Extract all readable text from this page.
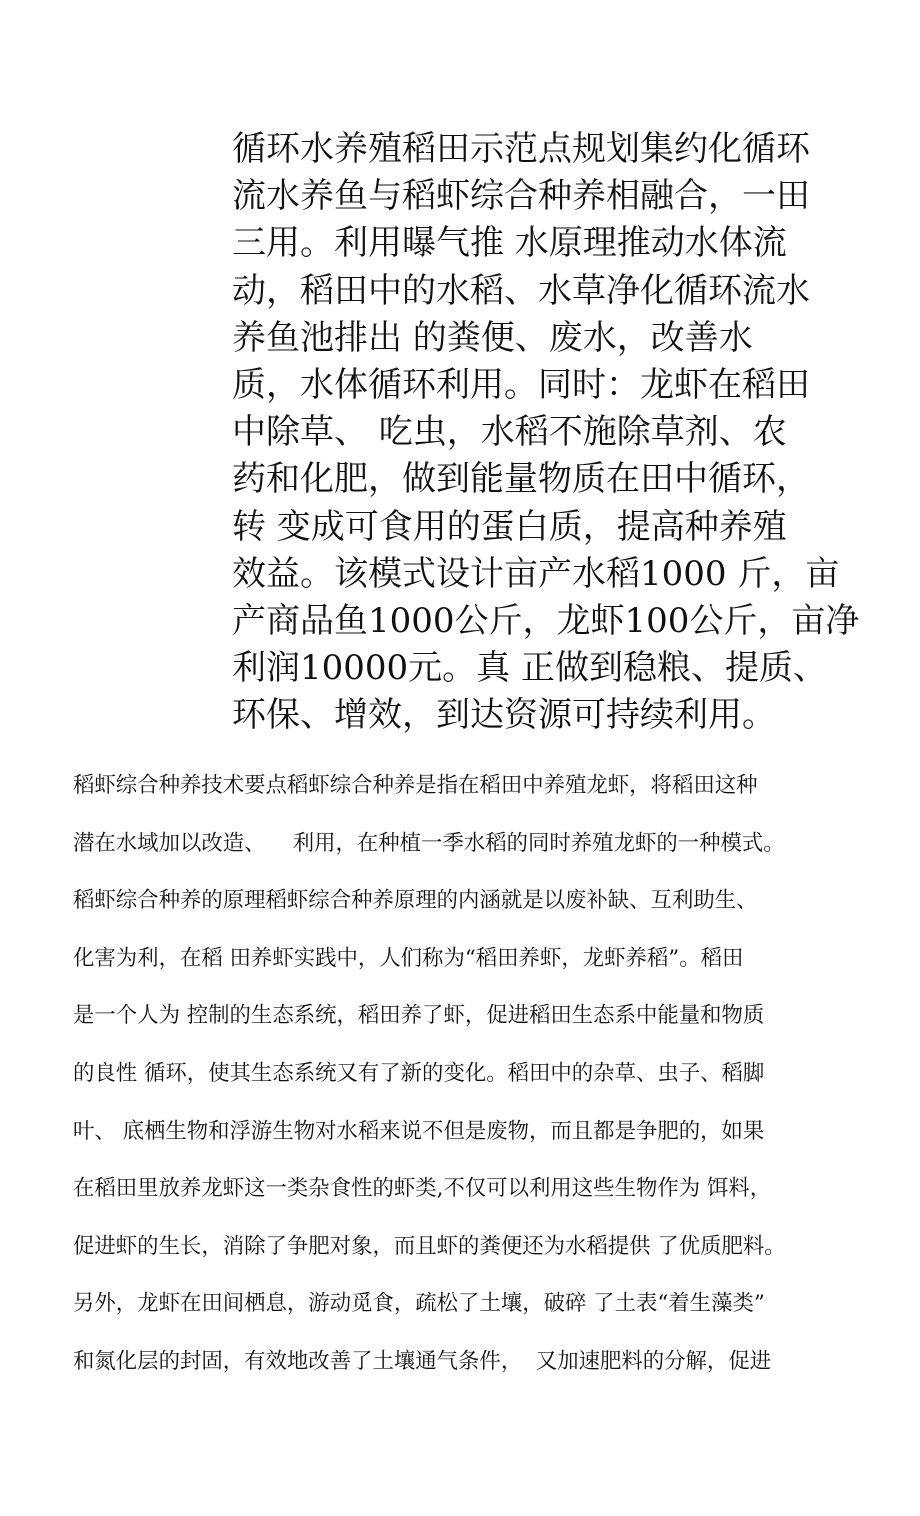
循环水养殖稻田示范点规划集约化循环
流水养鱼与稻虾综合种养相融合，一田
三用。利用曝气推 水原理推动水体流
动，稻田中的水稻、水草净化循环流水
养鱼池排出 的粪便、废水，改善水
质，水体循环利用。同时：龙虾在稻田
中除草、 吃虫，水稻不施除草剂、农
药和化肥，做到能量物质在田中循环，
转 变成可食用的蛋白质，提高种养殖
效益。该模式设计亩产水稻1000 斤，亩
产商品鱼1000公斤，龙虾100公斤，亩净
利润10000元。真 正做到稳粮、提质、
环保、增效，到达资源可持续利用。
稻虾综合种养技术要点稻虾综合种养是指在稻田中养殖龙虾，将稻田这种
潜在水域加以改造、    利用，在种植一季水稻的同时养殖龙虾的一种模式。
稻虾综合种养的原理稻虾综合种养原理的内涵就是以废补缺、互利助生、
化害为利，在稻 田养虾实践中，人们称为“稻田养虾，龙虾养稻”。稻田
是一个人为 控制的生态系统，稻田养了虾，促进稻田生态系中能量和物质
的良性 循环，使其生态系统又有了新的变化。稻田中的杂草、虫子、稻脚
叶、 底栖生物和浮游生物对水稻来说不但是废物，而且都是争肥的，如果
在稻田里放养龙虾这一类杂食性的虾类,不仅可以利用这些生物作为 饵料，
促进虾的生长，消除了争肥对象，而且虾的粪便还为水稻提供 了优质肥料。
另外，龙虾在田间栖息，游动觅食，疏松了土壤，破碎 了土表“着生藻类”
和氮化层的封固，有效地改善了土壤通气条件，  又加速肥料的分解，促进
